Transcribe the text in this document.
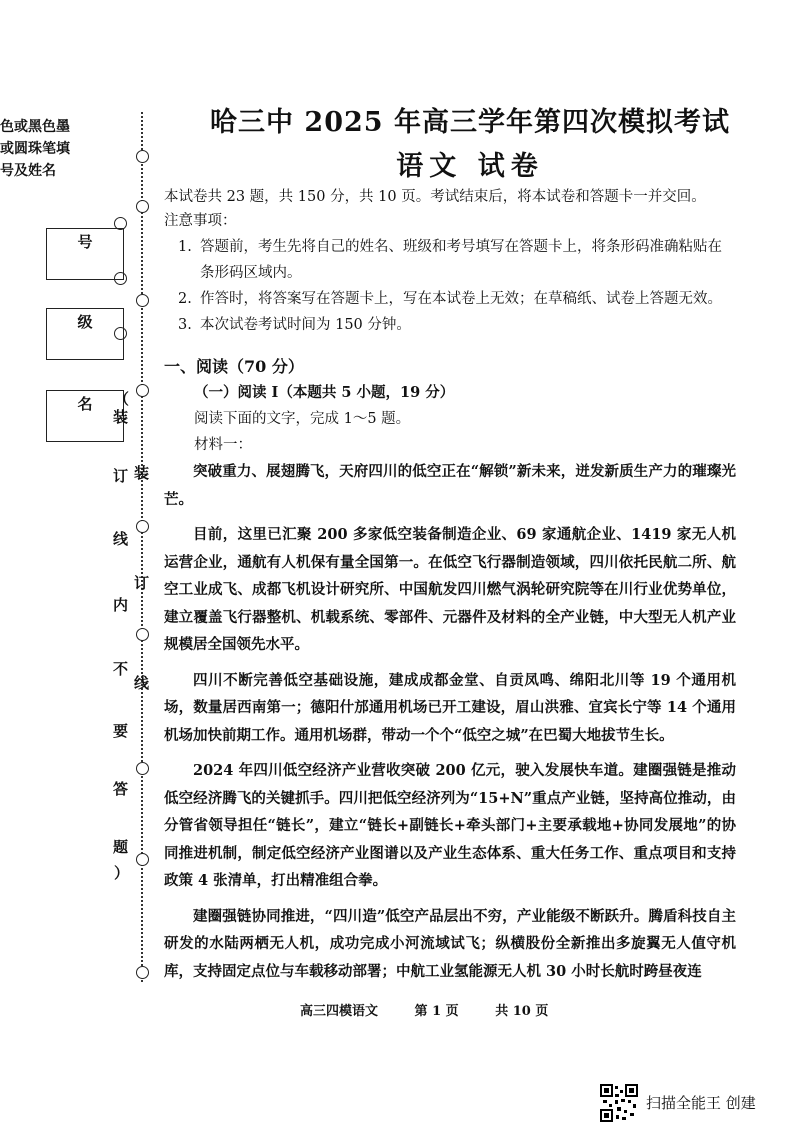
色或黑色墨
或圆珠笔填
号及姓名
号
级
名	（
装
订
线
内
不
要
答
题
）
装
订
线
哈三中 2025 年高三学年第四次模拟考试
语文 试卷

本试卷共 23 题，共 150 分，共 10 页。考试结束后，将本试卷和答题卡一并交回。

注意事项：

1. 答题前，考生先将自己的姓名、班级和考号填写在答题卡上，将条形码准确粘贴在

条形码区域内。

2. 作答时，将答案写在答题卡上，写在本试卷上无效；在草稿纸、试卷上答题无效。

3. 本次试卷考试时间为 150 分钟。

一、阅读（70 分）
（一）阅读 I（本题共 5 小题，19 分）
阅读下面的文字，完成 1～5 题。
材料一：

突破重力、展翅腾飞，天府四川的低空正在“解锁”新未来，迸发新质生产力的璀璨光芒。

目前，这里已汇聚 200 多家低空装备制造企业、69 家通航企业、1419 家无人机运营企业，通航有人机保有量全国第一。在低空飞行器制造领域，四川依托民航二所、航空工业成飞、成都飞机设计研究所、中国航发四川燃气涡轮研究院等在川行业优势单位，建立覆盖飞行器整机、机载系统、零部件、元器件及材料的全产业链，中大型无人机产业规模居全国领先水平。

四川不断完善低空基础设施，建成成都金堂、自贡凤鸣、绵阳北川等 19 个通用机场，数量居西南第一；德阳什邡通用机场已开工建设，眉山洪雅、宜宾长宁等 14 个通用机场加快前期工作。通用机场群，带动一个个“低空之城”在巴蜀大地拔节生长。

2024 年四川低空经济产业营收突破 200 亿元，驶入发展快车道。建圈强链是推动低空经济腾飞的关键抓手。四川把低空经济列为“15+N”重点产业链，坚持高位推动，由分管省领导担任“链长”，建立“链长+副链长+牵头部门+主要承载地+协同发展地”的协同推进机制，制定低空经济产业图谱以及产业生态体系、重大任务工作、重点项目和支持政策 4 张清单，打出精准组合拳。

建圈强链协同推进，“四川造”低空产品层出不穷，产业能级不断跃升。腾盾科技自主研发的水陆两栖无人机，成功完成小河流域试飞；纵横股份全新推出多旋翼无人值守机库，支持固定点位与车载移动部署；中航工业氢能源无人机 30 小时长航时跨昼夜连

高三四模语文	第 1 页	共 10 页
扫描全能王 创建
